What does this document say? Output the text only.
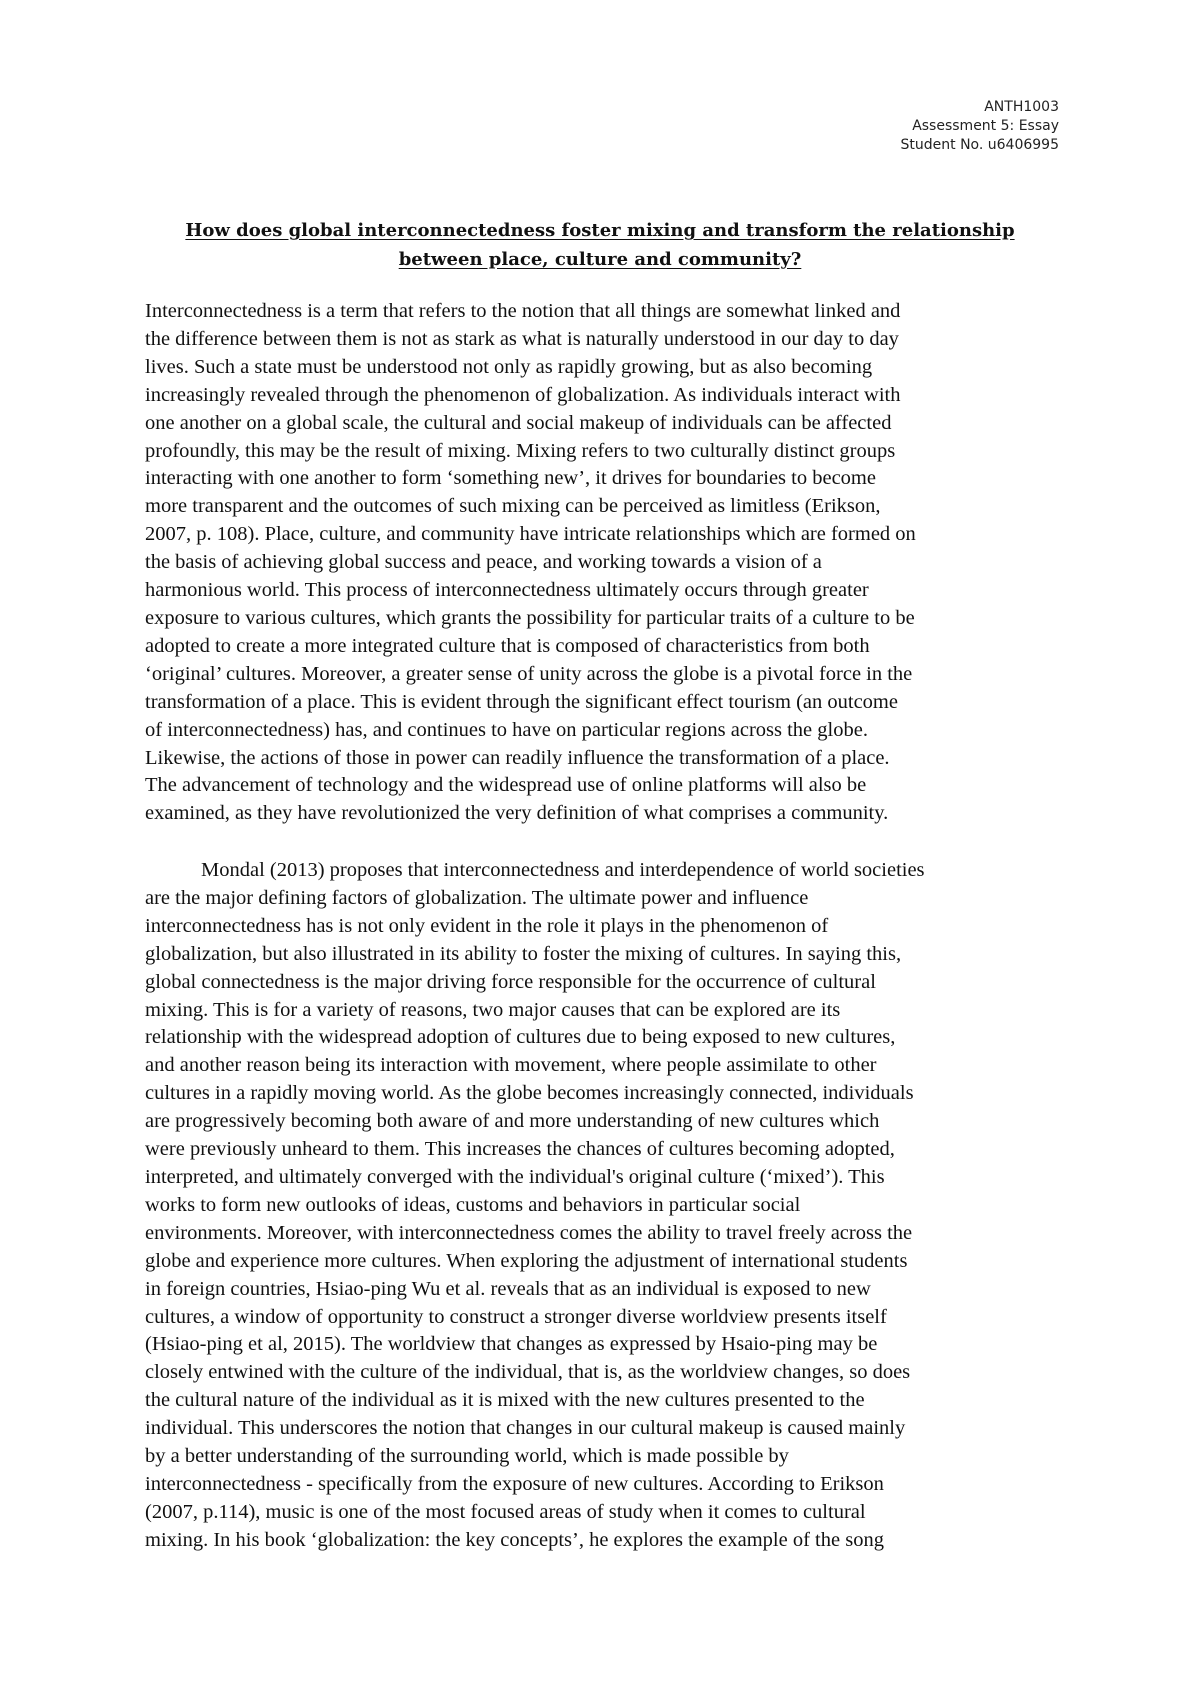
ANTH1003
Assessment 5: Essay
Student No. u6406995
How does global interconnectedness foster mixing and transform the relationship
between place, culture and community?
Interconnectedness is a term that refers to the notion that all things are somewhat linked and
the difference between them is not as stark as what is naturally understood in our day to day
lives. Such a state must be understood not only as rapidly growing, but as also becoming
increasingly revealed through the phenomenon of globalization. As individuals interact with
one another on a global scale, the cultural and social makeup of individuals can be affected
profoundly, this may be the result of mixing. Mixing refers to two culturally distinct groups
interacting with one another to form ‘something new’, it drives for boundaries to become
more transparent and the outcomes of such mixing can be perceived as limitless (Erikson,
2007, p. 108). Place, culture, and community have intricate relationships which are formed on
the basis of achieving global success and peace, and working towards a vision of a
harmonious world. This process of interconnectedness ultimately occurs through greater
exposure to various cultures, which grants the possibility for particular traits of a culture to be
adopted to create a more integrated culture that is composed of characteristics from both
‘original’ cultures. Moreover, a greater sense of unity across the globe is a pivotal force in the
transformation of a place. This is evident through the significant effect tourism (an outcome
of interconnectedness) has, and continues to have on particular regions across the globe.
Likewise, the actions of those in power can readily influence the transformation of a place.
The advancement of technology and the widespread use of online platforms will also be
examined, as they have revolutionized the very definition of what comprises a community.
Mondal (2013) proposes that interconnectedness and interdependence of world societies
are the major defining factors of globalization. The ultimate power and influence
interconnectedness has is not only evident in the role it plays in the phenomenon of
globalization, but also illustrated in its ability to foster the mixing of cultures. In saying this,
global connectedness is the major driving force responsible for the occurrence of cultural
mixing. This is for a variety of reasons, two major causes that can be explored are its
relationship with the widespread adoption of cultures due to being exposed to new cultures,
and another reason being its interaction with movement, where people assimilate to other
cultures in a rapidly moving world. As the globe becomes increasingly connected, individuals
are progressively becoming both aware of and more understanding of new cultures which
were previously unheard to them. This increases the chances of cultures becoming adopted,
interpreted, and ultimately converged with the individual's original culture (‘mixed’). This
works to form new outlooks of ideas, customs and behaviors in particular social
environments. Moreover, with interconnectedness comes the ability to travel freely across the
globe and experience more cultures. When exploring the adjustment of international students
in foreign countries, Hsiao-ping Wu et al. reveals that as an individual is exposed to new
cultures, a window of opportunity to construct a stronger diverse worldview presents itself
(Hsiao-ping et al, 2015). The worldview that changes as expressed by Hsaio-ping may be
closely entwined with the culture of the individual, that is, as the worldview changes, so does
the cultural nature of the individual as it is mixed with the new cultures presented to the
individual. This underscores the notion that changes in our cultural makeup is caused mainly
by a better understanding of the surrounding world, which is made possible by
interconnectedness - specifically from the exposure of new cultures. According to Erikson
(2007, p.114), music is one of the most focused areas of study when it comes to cultural
mixing. In his book ‘globalization: the key concepts’, he explores the example of the song
